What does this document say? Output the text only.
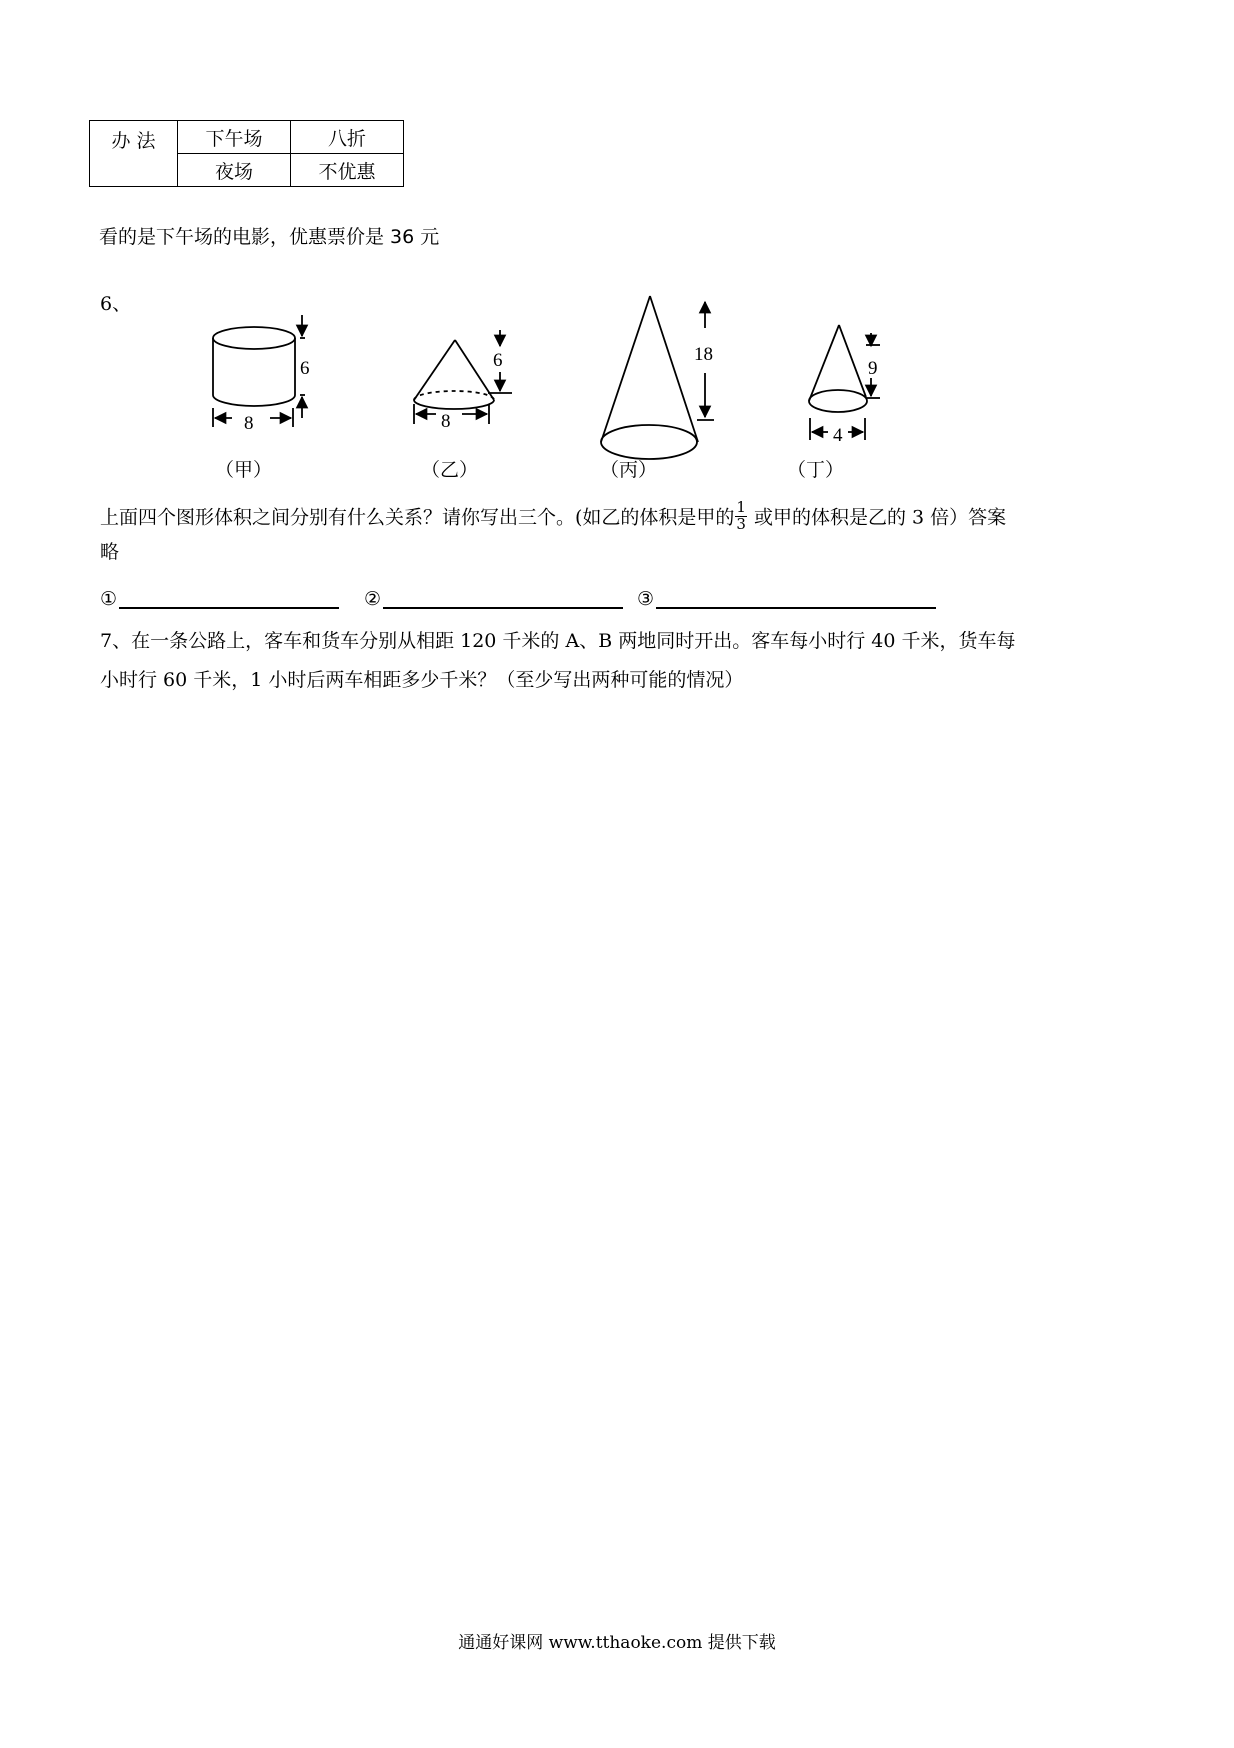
办 法	下午场	八折
	夜场	不优惠
看的是下午场的电影，优惠票价是 36 元
6、
6
8
6
8
18
9
4
（甲）	（乙）	（丙）	（丁）
上面四个图形体积之间分别有什么关系？请你写出三个。(如乙的体积是甲的 $\frac{1}{3}$ 或甲的体积是乙的 3 倍）答案
略
①	②	③
7、在一条公路上，客车和货车分别从相距 120 千米的 A、B 两地同时开出。客车每小时行 40 千米，货车每
小时行 60 千米，1 小时后两车相距多少千米？（至少写出两种可能的情况）
通通好课网 www.tthaoke.com 提供下载
